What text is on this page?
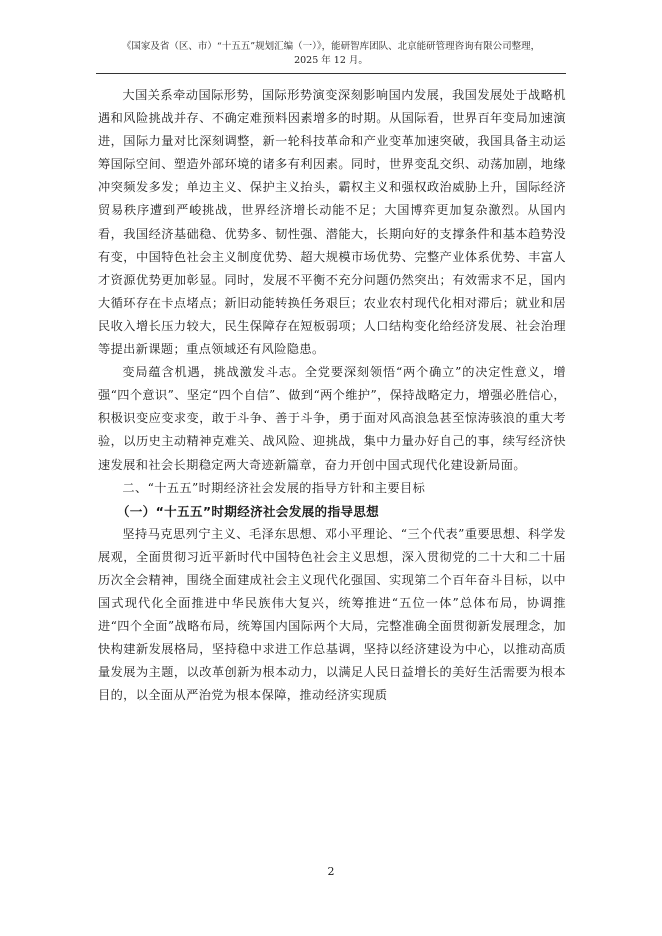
《国家及省（区、市）“十五五”规划汇编（一）》，能研智库团队、北京能研管理咨询有限公司整理，
2025 年 12 月。

大国关系牵动国际形势，国际形势演变深刻影响国内发展，我国发展处于战略机遇和风险挑战并存、不确定难预料因素增多的时期。从国际看，世界百年变局加速演进，国际力量对比深刻调整，新一轮科技革命和产业变革加速突破，我国具备主动运筹国际空间、塑造外部环境的诸多有利因素。同时，世界变乱交织、动荡加剧，地缘冲突频发多发；单边主义、保护主义抬头，霸权主义和强权政治威胁上升，国际经济贸易秩序遭到严峻挑战，世界经济增长动能不足；大国博弈更加复杂激烈。从国内看，我国经济基础稳、优势多、韧性强、潜能大，长期向好的支撑条件和基本趋势没有变，中国特色社会主义制度优势、超大规模市场优势、完整产业体系优势、丰富人才资源优势更加彰显。同时，发展不平衡不充分问题仍然突出；有效需求不足，国内大循环存在卡点堵点；新旧动能转换任务艰巨；农业农村现代化相对滞后；就业和居民收入增长压力较大，民生保障存在短板弱项；人口结构变化给经济发展、社会治理等提出新课题；重点领域还有风险隐患。

变局蕴含机遇，挑战激发斗志。全党要深刻领悟“两个确立”的决定性意义，增强“四个意识”、坚定“四个自信”、做到“两个维护”，保持战略定力，增强必胜信心，积极识变应变求变，敢于斗争、善于斗争，勇于面对风高浪急甚至惊涛骇浪的重大考验，以历史主动精神克难关、战风险、迎挑战，集中力量办好自己的事，续写经济快速发展和社会长期稳定两大奇迹新篇章，奋力开创中国式现代化建设新局面。

二、“十五五”时期经济社会发展的指导方针和主要目标

（一）“十五五”时期经济社会发展的指导思想

坚持马克思列宁主义、毛泽东思想、邓小平理论、“三个代表”重要思想、科学发展观，全面贯彻习近平新时代中国特色社会主义思想，深入贯彻党的二十大和二十届历次全会精神，围绕全面建成社会主义现代化强国、实现第二个百年奋斗目标，以中国式现代化全面推进中华民族伟大复兴，统筹推进“五位一体”总体布局，协调推进“四个全面”战略布局，统筹国内国际两个大局，完整准确全面贯彻新发展理念，加快构建新发展格局，坚持稳中求进工作总基调，坚持以经济建设为中心，以推动高质量发展为主题，以改革创新为根本动力，以满足人民日益增长的美好生活需要为根本目的，以全面从严治党为根本保障，推动经济实现质

2
